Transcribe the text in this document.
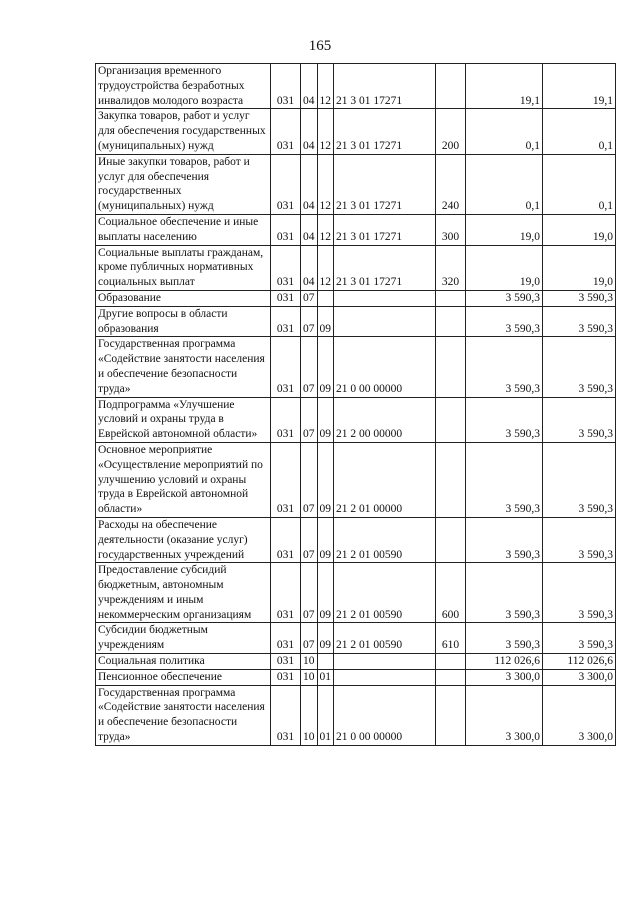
165
Организация временного трудоустройства безработных инвалидов молодого возраста	031	04	12	21 3 01 17271		19,1	19,1
Закупка товаров, работ и услуг для обеспечения государственных (муниципальных) нужд	031	04	12	21 3 01 17271	200	0,1	0,1
Иные закупки товаров, работ и услуг для обеспечения государственных (муниципальных) нужд	031	04	12	21 3 01 17271	240	0,1	0,1
Социальное обеспечение и иные выплаты населению	031	04	12	21 3 01 17271	300	19,0	19,0
Социальные выплаты гражданам, кроме публичных нормативных социальных выплат	031	04	12	21 3 01 17271	320	19,0	19,0
Образование	031	07				3 590,3	3 590,3
Другие вопросы в области образования	031	07	09			3 590,3	3 590,3
Государственная программа «Содействие занятости населения и обеспечение безопасности труда»	031	07	09	21 0 00 00000		3 590,3	3 590,3
Подпрограмма «Улучшение условий и охраны труда в Еврейской автономной области»	031	07	09	21 2 00 00000		3 590,3	3 590,3
Основное мероприятие «Осуществление мероприятий по улучшению условий и охраны труда в Еврейской автономной области»	031	07	09	21 2 01 00000		3 590,3	3 590,3
Расходы на обеспечение деятельности (оказание услуг) государственных учреждений	031	07	09	21 2 01 00590		3 590,3	3 590,3
Предоставление субсидий бюджетным, автономным учреждениям и иным некоммерческим организациям	031	07	09	21 2 01 00590	600	3 590,3	3 590,3
Субсидии бюджетным учреждениям	031	07	09	21 2 01 00590	610	3 590,3	3 590,3
Социальная политика	031	10				112 026,6	112 026,6
Пенсионное обеспечение	031	10	01			3 300,0	3 300,0
Государственная программа «Содействие занятости населения и обеспечение безопасности труда»	031	10	01	21 0 00 00000		3 300,0	3 300,0
